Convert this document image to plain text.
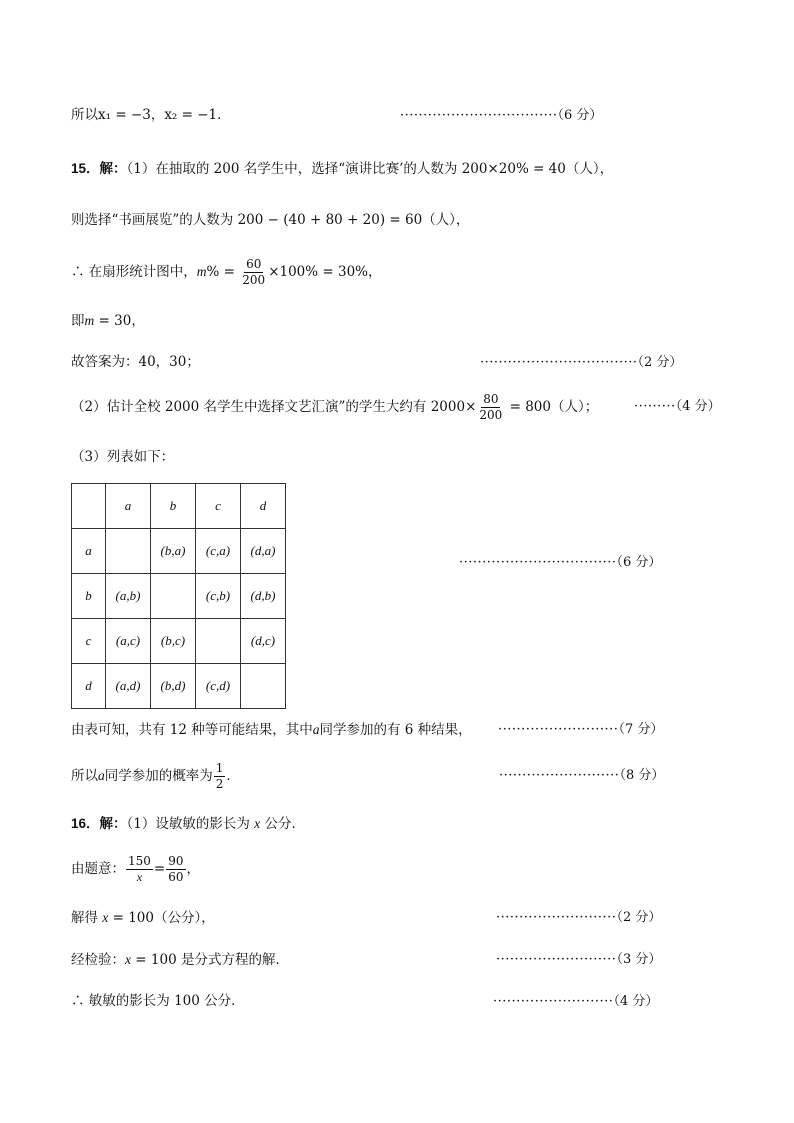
所以x₁ = −3，x₂ = −1．	··································（6 分）
15．解：（1）在抽取的 200 名学生中，选择“演讲比赛’的人数为 200×20% = 40（人），
则选择“书画展览”的人数为 200 − (40 + 80 + 20) = 60（人），
∴ 在扇形统计图中，$m\% = \frac{60}{200} \times 100\% = 30\%$，
即m = 30，
故答案为：40，30；	··································（2 分）
（2）估计全校 2000 名学生中选择文艺汇演”的学生大约有 $2000\times \frac{80}{200} = 800$（人）；	·········（4 分）
（3）列表如下：
	a	b	c	d
a		(b,a)	(c,a)	(d,a)
b	(a,b)		(c,b)	(d,b)
c	(a,c)	(b,c)		(d,c)
d	(a,d)	(b,d)	(c,d)	
··································（6 分）
由表可知，共有 12 种等可能结果，其中a同学参加的有 6 种结果， ··························（7 分）
所以a同学参加的概率为 $\frac{1}{2}$ ．	··························（8 分）
16．解：（1）设敏敏的影长为 x 公分．
由题意： $\frac{150}{x} = \frac{90}{60}$ ，
解得 x = 100（公分），	··························（2 分）
经检验：x = 100 是分式方程的解．	··························（3 分）
∴ 敏敏的影长为 100 公分．	··························（4 分）
